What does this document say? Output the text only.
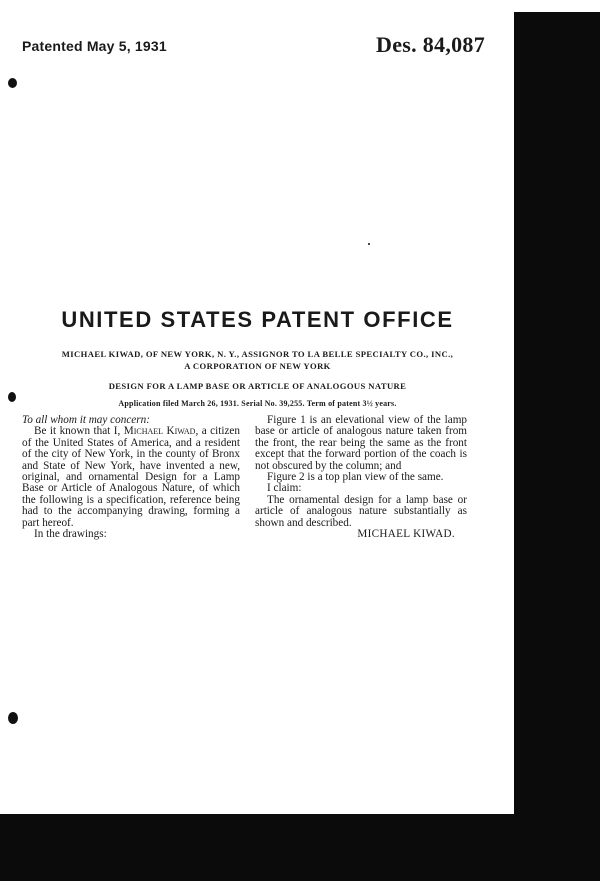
Patented May 5, 1931	Des. 84,087
UNITED STATES PATENT OFFICE
MICHAEL KIWAD, OF NEW YORK, N. Y., ASSIGNOR TO LA BELLE SPECIALTY CO., INC.,
A CORPORATION OF NEW YORK
DESIGN FOR A LAMP BASE OR ARTICLE OF ANALOGOUS NATURE
Application filed March 26, 1931. Serial No. 39,255. Term of patent 3½ years.

To all whom it may concern:

Be it known that I, Michael Kiwad, a citizen of the United States of America, and a resident of the city of New York, in the county of Bronx and State of New York, have invented a new, original, and ornamental Design for a Lamp Base or Article of Analogous Nature, of which the following is a specification, reference being had to the accompanying drawing, forming a part hereof.

In the drawings:

Figure 1 is an elevational view of the lamp base or article of analogous nature taken from the front, the rear being the same as the front except that the forward portion of the coach is not obscured by the column; and

Figure 2 is a top plan view of the same.

I claim:

The ornamental design for a lamp base or article of analogous nature substantially as shown and described.

MICHAEL KIWAD.
